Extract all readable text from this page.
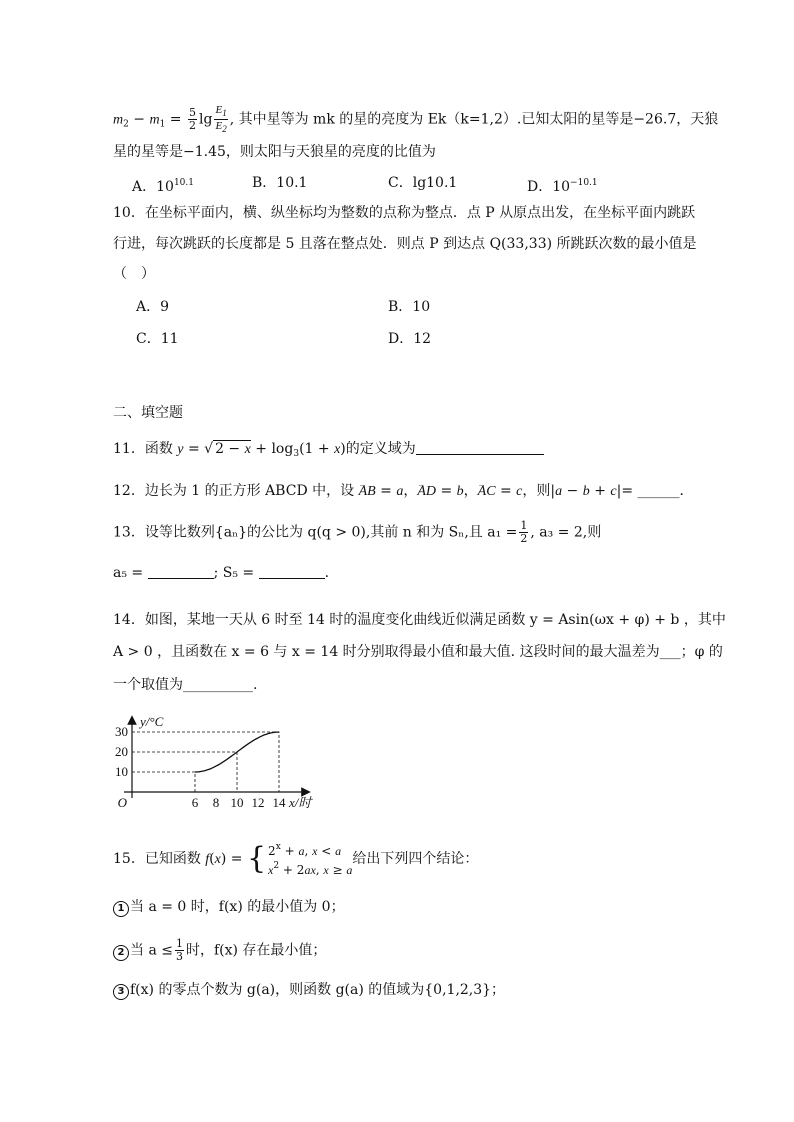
$m_2 - m_1 = \frac{5}{2}$ $\lg \frac{E_1}{E_2}$ , 其中星等为 mk 的星的亮度为 Ek（k=1,2）.已知太阳的星等是−26.7，天狼
星的星等是−1.45，则太阳与天狼星的亮度的比值为
A．$10^{10.1}$	B．10.1	C．lg10.1	D．$10^{-10.1}$
10．在坐标平面内，横、纵坐标均为整数的点称为整点．点 P 从原点出发，在坐标平面内跳跃
行进，每次跳跃的长度都是 5 且落在整点处．则点 P 到达点 Q(33,33) 所跳跃次数的最小值是
（　）
A．9	B．10
C．11	D．12
二、填空题
11．函数 y = √ $2 - x + \log_3(1 + x)$的定义域为
12．边长为 1 的正方形 ABCD 中，设 → AB = a，→ AD = b，→ AC = c，则|a − b + c|= ______．
13．设等比数列{aₙ}的公比为 q(q > 0),其前 n 和为 Sₙ,且 $a_1 = \frac{1}{2}$ , a₃ = 2,则
a₅ =	; S₅ =	.
14．如图，某地一天从 6 时至 14 时的温度变化曲线近似满足函数 y = Asin(ωx + φ) + b ，其中
A > 0 ，且函数在 x = 6 与 x = 14 时分别取得最小值和最大值. 这段时间的最大温差为___；φ 的
一个取值为__________.
6 8 10 12 14
10
20
30
O	x/时
y/°C
15．已知函数 f(x) = { $2^x + a$, x < a
$x^2 + 2ax$, x ≥ a
给出下列四个结论：
1 当 a = 0 时，f(x) 的最小值为 0；
2 当 $a \le \frac{1}{3}$ 时，f(x) 存在最小值；
3 f(x) 的零点个数为 g(a)，则函数 g(a) 的值域为{0,1,2,3}；
